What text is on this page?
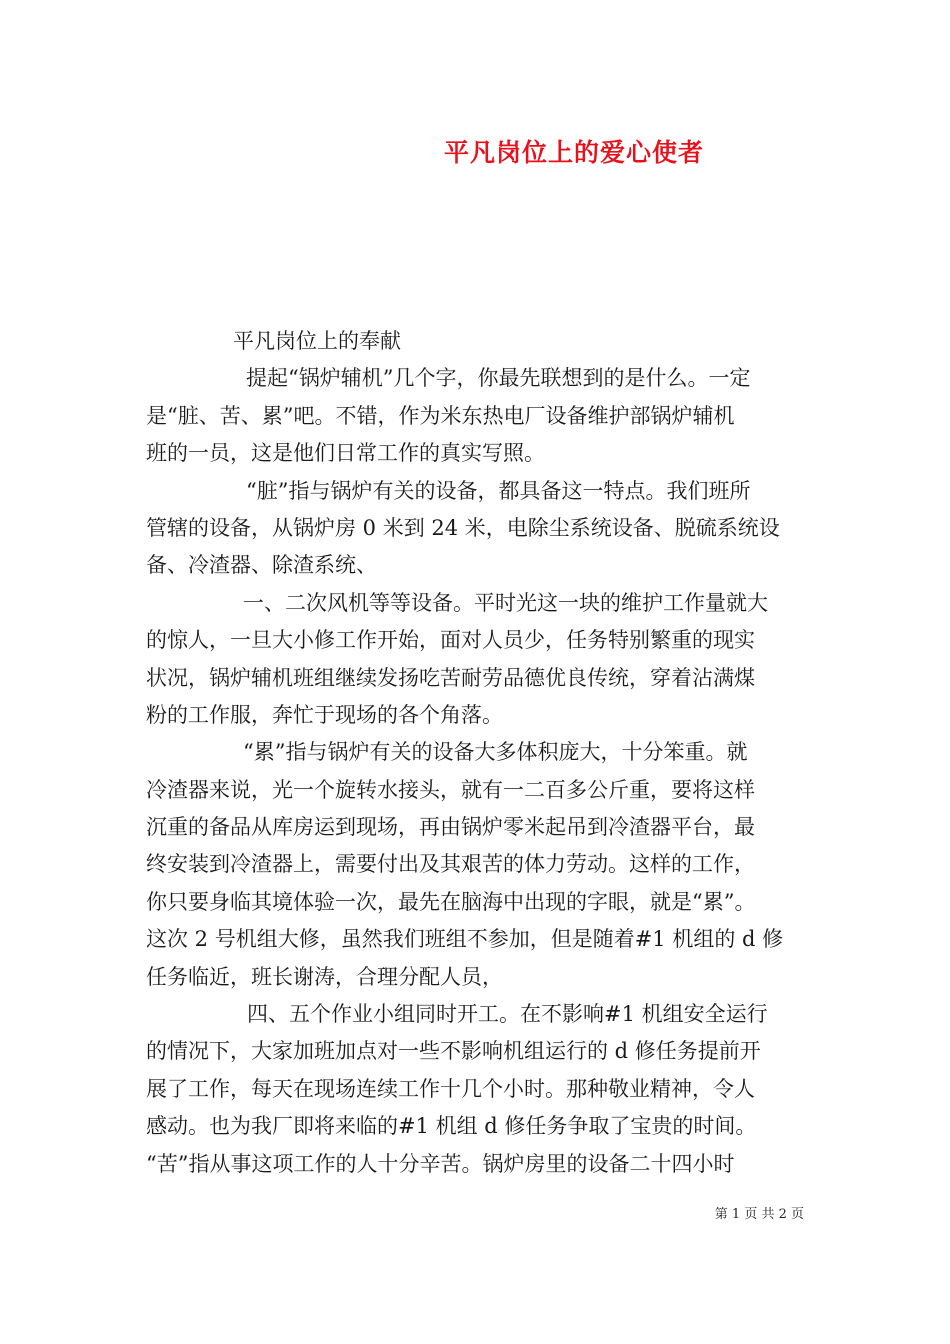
平凡岗位上的爱心使者
平凡岗位上的奉献
提起“锅炉辅机”几个字，你最先联想到的是什么。一定
是“脏、苦、累”吧。不错，作为米东热电厂设备维护部锅炉辅机
班的一员，这是他们日常工作的真实写照。
“脏”指与锅炉有关的设备，都具备这一特点。我们班所
管辖的设备，从锅炉房 0 米到 24 米，电除尘系统设备、脱硫系统设
备、冷渣器、除渣系统、
一、二次风机等等设备。平时光这一块的维护工作量就大
的惊人，一旦大小修工作开始，面对人员少，任务特别繁重的现实
状况，锅炉辅机班组继续发扬吃苦耐劳品德优良传统，穿着沾满煤
粉的工作服，奔忙于现场的各个角落。
“累”指与锅炉有关的设备大多体积庞大，十分笨重。就
冷渣器来说，光一个旋转水接头，就有一二百多公斤重，要将这样
沉重的备品从库房运到现场，再由锅炉零米起吊到冷渣器平台，最
终安装到冷渣器上，需要付出及其艰苦的体力劳动。这样的工作，
你只要身临其境体验一次，最先在脑海中出现的字眼，就是“累”。
这次 2 号机组大修，虽然我们班组不参加，但是随着#1 机组的 d 修
任务临近，班长谢涛，合理分配人员，
四、五个作业小组同时开工。在不影响#1 机组安全运行
的情况下，大家加班加点对一些不影响机组运行的 d 修任务提前开
展了工作，每天在现场连续工作十几个小时。那种敬业精神，令人
感动。也为我厂即将来临的#1 机组 d 修任务争取了宝贵的时间。
“苦”指从事这项工作的人十分辛苦。锅炉房里的设备二十四小时
第 1 页 共 2 页
